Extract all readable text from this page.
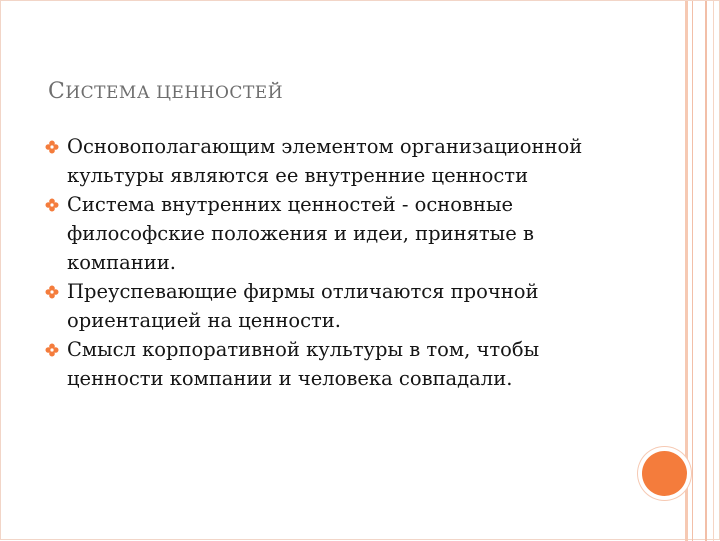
СИСТЕМА ЦЕННОСТЕЙ
Основополагающим элементом организационной культуры являются ее внутренние ценности
Система внутренних ценностей - основные философские положения и идеи, принятые в компании.
Преуспевающие фирмы отличаются прочной ориентацией на ценности.
Смысл корпоративной культуры в том, чтобы ценности компании и человека совпадали.
